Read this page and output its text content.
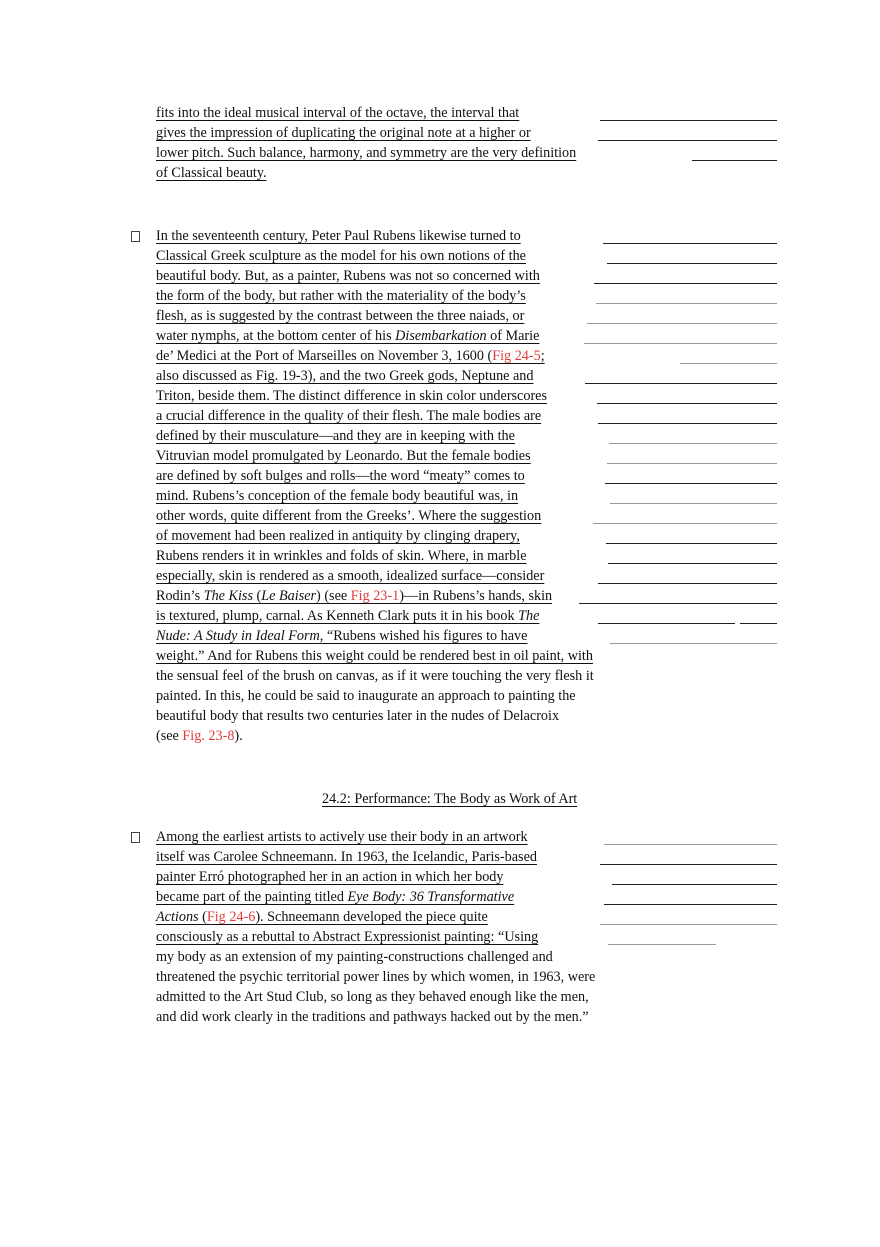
fits into the ideal musical interval of the octave, the interval that
gives the impression of duplicating the original note at a higher or
lower pitch. Such balance, harmony, and symmetry are the very definition
of Classical beauty.
In the seventeenth century, Peter Paul Rubens likewise turned to
Classical Greek sculpture as the model for his own notions of the
beautiful body. But, as a painter, Rubens was not so concerned with
the form of the body, but rather with the materiality of the body’s
flesh, as is suggested by the contrast between the three naiads, or
water nymphs, at the bottom center of his Disembarkation of Marie
de’ Medici at the Port of Marseilles on November 3, 1600 (Fig 24-5;
also discussed as Fig. 19-3), and the two Greek gods, Neptune and
Triton, beside them. The distinct difference in skin color underscores
a crucial difference in the quality of their flesh. The male bodies are
defined by their musculature—and they are in keeping with the
Vitruvian model promulgated by Leonardo. But the female bodies
are defined by soft bulges and rolls—the word “meaty” comes to
mind. Rubens’s conception of the female body beautiful was, in
other words, quite different from the Greeks’. Where the suggestion
of movement had been realized in antiquity by clinging drapery,
Rubens renders it in wrinkles and folds of skin. Where, in marble
especially, skin is rendered as a smooth, idealized surface—consider
Rodin’s The Kiss (Le Baiser) (see Fig 23-1)—in Rubens’s hands, skin
is textured, plump, carnal. As Kenneth Clark puts it in his book The
Nude: A Study in Ideal Form, “Rubens wished his figures to have
weight.” And for Rubens this weight could be rendered best in oil paint, with
the sensual feel of the brush on canvas, as if it were touching the very flesh it
painted. In this, he could be said to inaugurate an approach to painting the
beautiful body that results two centuries later in the nudes of Delacroix
(see Fig. 23-8).
24.2: Performance: The Body as Work of Art
Among the earliest artists to actively use their body in an artwork
itself was Carolee Schneemann. In 1963, the Icelandic, Paris-based
painter Erró photographed her in an action in which her body
became part of the painting titled Eye Body: 36 Transformative
Actions (Fig 24-6). Schneemann developed the piece quite
consciously as a rebuttal to Abstract Expressionist painting: “Using
my body as an extension of my painting-constructions challenged and
threatened the psychic territorial power lines by which women, in 1963, were
admitted to the Art Stud Club, so long as they behaved enough like the men,
and did work clearly in the traditions and pathways hacked out by the men.”
